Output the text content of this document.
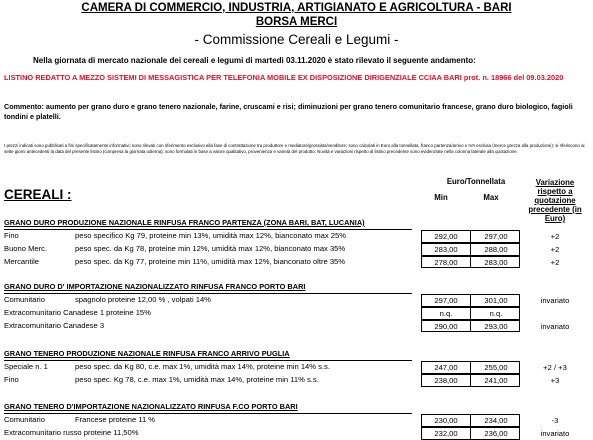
CAMERA DI COMMERCIO, INDUSTRIA, ARTIGIANATO E AGRICOLTURA - BARI
BORSA MERCI
- Commissione Cereali e Legumi -
Nella giornata di mercato nazionale dei cereali e legumi di martedì 03.11.2020 è stato rilevato il seguente andamento:
LISTINO REDATTO A MEZZO SISTEMI DI MESSAGISTICA PER TELEFONIA MOBILE EX DISPOSIZIONE DIRIGENZIALE CCIAA BARI prot. n. 18966 del 09.03.2020
Commento: aumento per grano duro e grano tenero nazionale, farine, cruscami e risi; diminuzioni per grano tenero comunitario francese, grano duro biologico, fagioli tondini e platelli.
I prezzi indicati sono pubblicati a fini specificatamente informativi; sono rilevati con riferimento esclusivo alla fase di contrattazione tra produttore e mediatore/grossista/venditore; sono calcolati in Euro alla tonnellata, franco partenza/arrivo e IVA esclusa (merce grezza alla produzione); si riferiscono ai sette giorni antecedenti la data del presente listino (compresa la giornata odierna); sono formulati in base a valore qualitativo, provenienza e varietà del prodotto. Novità e variazioni rispetto al listino precedente sono evidenziate nella colonna laterale alla quotazione.
CEREALI :
Euro/Tonnellata
Min	Max
Variazione rispetto a quotazione precedente (in Euro)
GRANO DURO PRODUZIONE NAZIONALE RINFUSA FRANCO PARTENZA (ZONA BARI, BAT, LUCANIA)
Fino	peso specifico Kg 79, proteine min 13%, umidità max 12%, bianconato max 25%	292,00	297,00	+2
Buono Merc.	peso spec. da Kg 78, proteine min 12%, umidità max 12%, bianconato max 35%	283,00	288,00	+2
Mercantile	peso spec. da Kg 77, proteine min 11%, umidità max 12%, bianconato oltre 35%	278,00	283,00	+2
GRANO DURO D' IMPORTAZIONE NAZIONALIZZATO RINFUSA FRANCO PORTO BARI
Comunitario	spagnolo proteine 12,00 % , volpati 14%	297,00	301,00	invariato
Extracomunitario Canadese 1 proteine 15%	n.q.	n.q.
Extracomunitario Canadese 3	290,00	293,00	invariato
GRANO TENERO PRODUZIONE NAZIONALE RINFUSA FRANCO ARRIVO PUGLIA
Speciale n. 1	peso spec. da Kg 80, c.e. max 1%, umidità max 14%, proteine min 14% s.s.	247,00	255,00	+2 / +3
Fino	peso spec. Kg 78, c.e. max 1%, umidità max 14%, proteine min 11% s.s.	238,00	241,00	+3
GRANO TENERO D'IMPORTAZIONE NAZIONALIZZATO RINFUSA F.CO PORTO BARI
Comunitario	Francese proteine 11 %	230,00	234,00	-3
Extracomunitario russo proteine 11,50%	232,00	236,00	invariato
